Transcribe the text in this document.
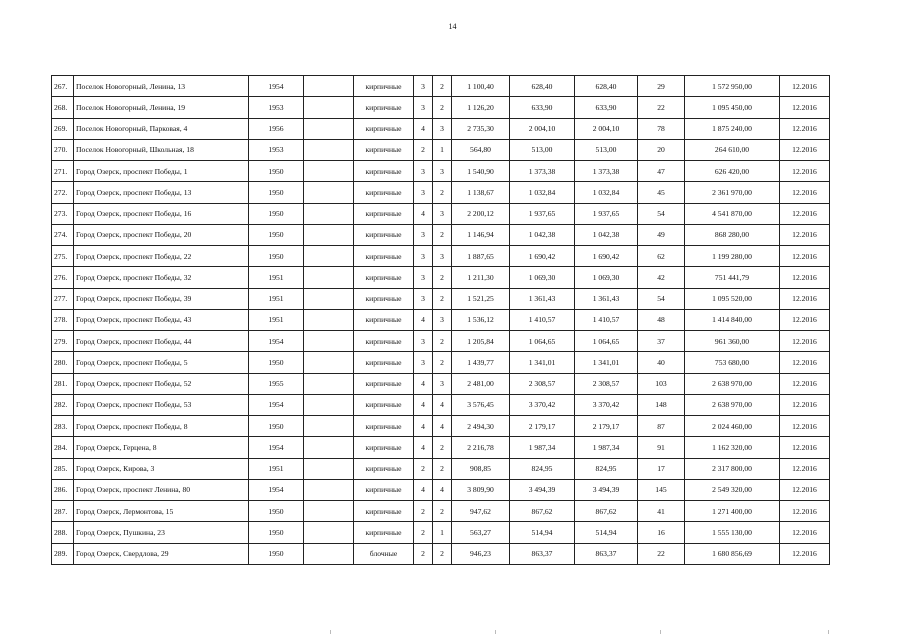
14
267.	Поселок Новогорный, Ленина, 13	1954		кирпичные	3	2	1 100,40	628,40	628,40	29	1 572 950,00	12.2016
268.	Поселок Новогорный, Ленина, 19	1953		кирпичные	3	2	1 126,20	633,90	633,90	22	1 095 450,00	12.2016
269.	Поселок Новогорный, Парковая, 4	1956		кирпичные	4	3	2 735,30	2 004,10	2 004,10	78	1 875 240,00	12.2016
270.	Поселок Новогорный, Школьная, 18	1953		кирпичные	2	1	564,80	513,00	513,00	20	264 610,00	12.2016
271.	Город Озерск, проспект Победы, 1	1950		кирпичные	3	3	1 540,90	1 373,38	1 373,38	47	626 420,00	12.2016
272.	Город Озерск, проспект Победы, 13	1950		кирпичные	3	2	1 138,67	1 032,84	1 032,84	45	2 361 970,00	12.2016
273.	Город Озерск, проспект Победы, 16	1950		кирпичные	4	3	2 200,12	1 937,65	1 937,65	54	4 541 870,00	12.2016
274.	Город Озерск, проспект Победы, 20	1950		кирпичные	3	2	1 146,94	1 042,38	1 042,38	49	868 280,00	12.2016
275.	Город Озерск, проспект Победы, 22	1950		кирпичные	3	3	1 887,65	1 690,42	1 690,42	62	1 199 280,00	12.2016
276.	Город Озерск, проспект Победы, 32	1951		кирпичные	3	2	1 211,30	1 069,30	1 069,30	42	751 441,79	12.2016
277.	Город Озерск, проспект Победы, 39	1951		кирпичные	3	2	1 521,25	1 361,43	1 361,43	54	1 095 520,00	12.2016
278.	Город Озерск, проспект Победы, 43	1951		кирпичные	4	3	1 536,12	1 410,57	1 410,57	48	1 414 840,00	12.2016
279.	Город Озерск, проспект Победы, 44	1954		кирпичные	3	2	1 205,84	1 064,65	1 064,65	37	961 360,00	12.2016
280.	Город Озерск, проспект Победы, 5	1950		кирпичные	3	2	1 439,77	1 341,01	1 341,01	40	753 680,00	12.2016
281.	Город Озерск, проспект Победы, 52	1955		кирпичные	4	3	2 481,00	2 308,57	2 308,57	103	2 638 970,00	12.2016
282.	Город Озерск, проспект Победы, 53	1954		кирпичные	4	4	3 576,45	3 370,42	3 370,42	148	2 638 970,00	12.2016
283.	Город Озерск, проспект Победы, 8	1950		кирпичные	4	4	2 494,30	2 179,17	2 179,17	87	2 024 460,00	12.2016
284.	Город Озерск, Герцена, 8	1954		кирпичные	4	2	2 216,78	1 987,34	1 987,34	91	1 162 320,00	12.2016
285.	Город Озерск, Кирова, 3	1951		кирпичные	2	2	908,85	824,95	824,95	17	2 317 800,00	12.2016
286.	Город Озерск, проспект Ленина, 80	1954		кирпичные	4	4	3 809,90	3 494,39	3 494,39	145	2 549 320,00	12.2016
287.	Город Озерск, Лермонтова, 15	1950		кирпичные	2	2	947,62	867,62	867,62	41	1 271 400,00	12.2016
288.	Город Озерск, Пушкина, 23	1950		кирпичные	2	1	563,27	514,94	514,94	16	1 555 130,00	12.2016
289.	Город Озерск, Свердлова, 29	1950		блочные	2	2	946,23	863,37	863,37	22	1 680 856,69	12.2016
